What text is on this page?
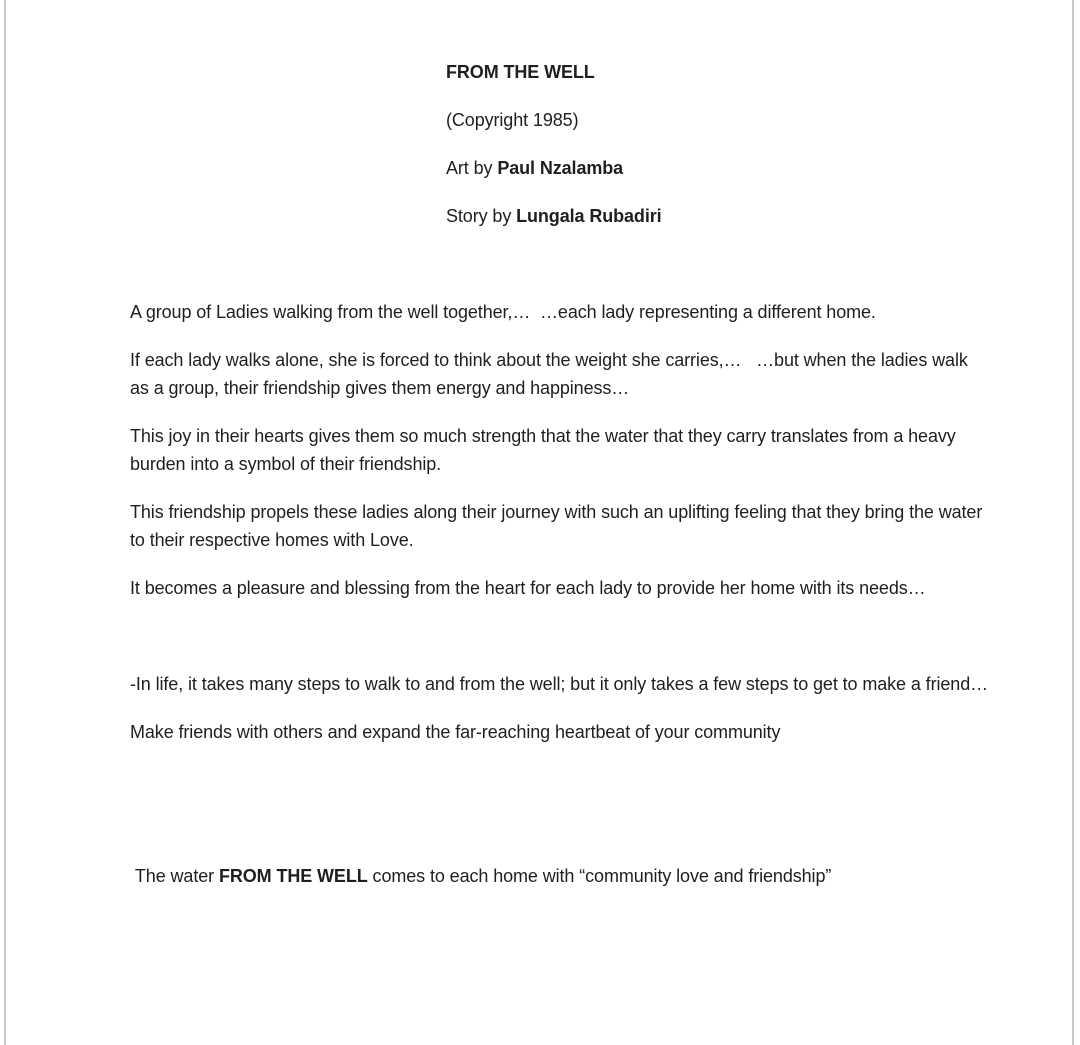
FROM THE WELL

(Copyright 1985)

Art by Paul Nzalamba

Story by Lungala Rubadiri

A group of Ladies walking from the well together,…  …each lady representing a different home.

If each lady walks alone, she is forced to think about the weight she carries,…   …but when the ladies walk as a group, their friendship gives them energy and happiness…

This joy in their hearts gives them so much strength that the water that they carry translates from a heavy burden into a symbol of their friendship.

This friendship propels these ladies along their journey with such an uplifting feeling that they bring the water to their respective homes with Love.

It becomes a pleasure and blessing from the heart for each lady to provide her home with its needs…

-In life, it takes many steps to walk to and from the well; but it only takes a few steps to get to make a friend…

Make friends with others and expand the far-reaching heartbeat of your community

The water FROM THE WELL comes to each home with “community love and friendship”
